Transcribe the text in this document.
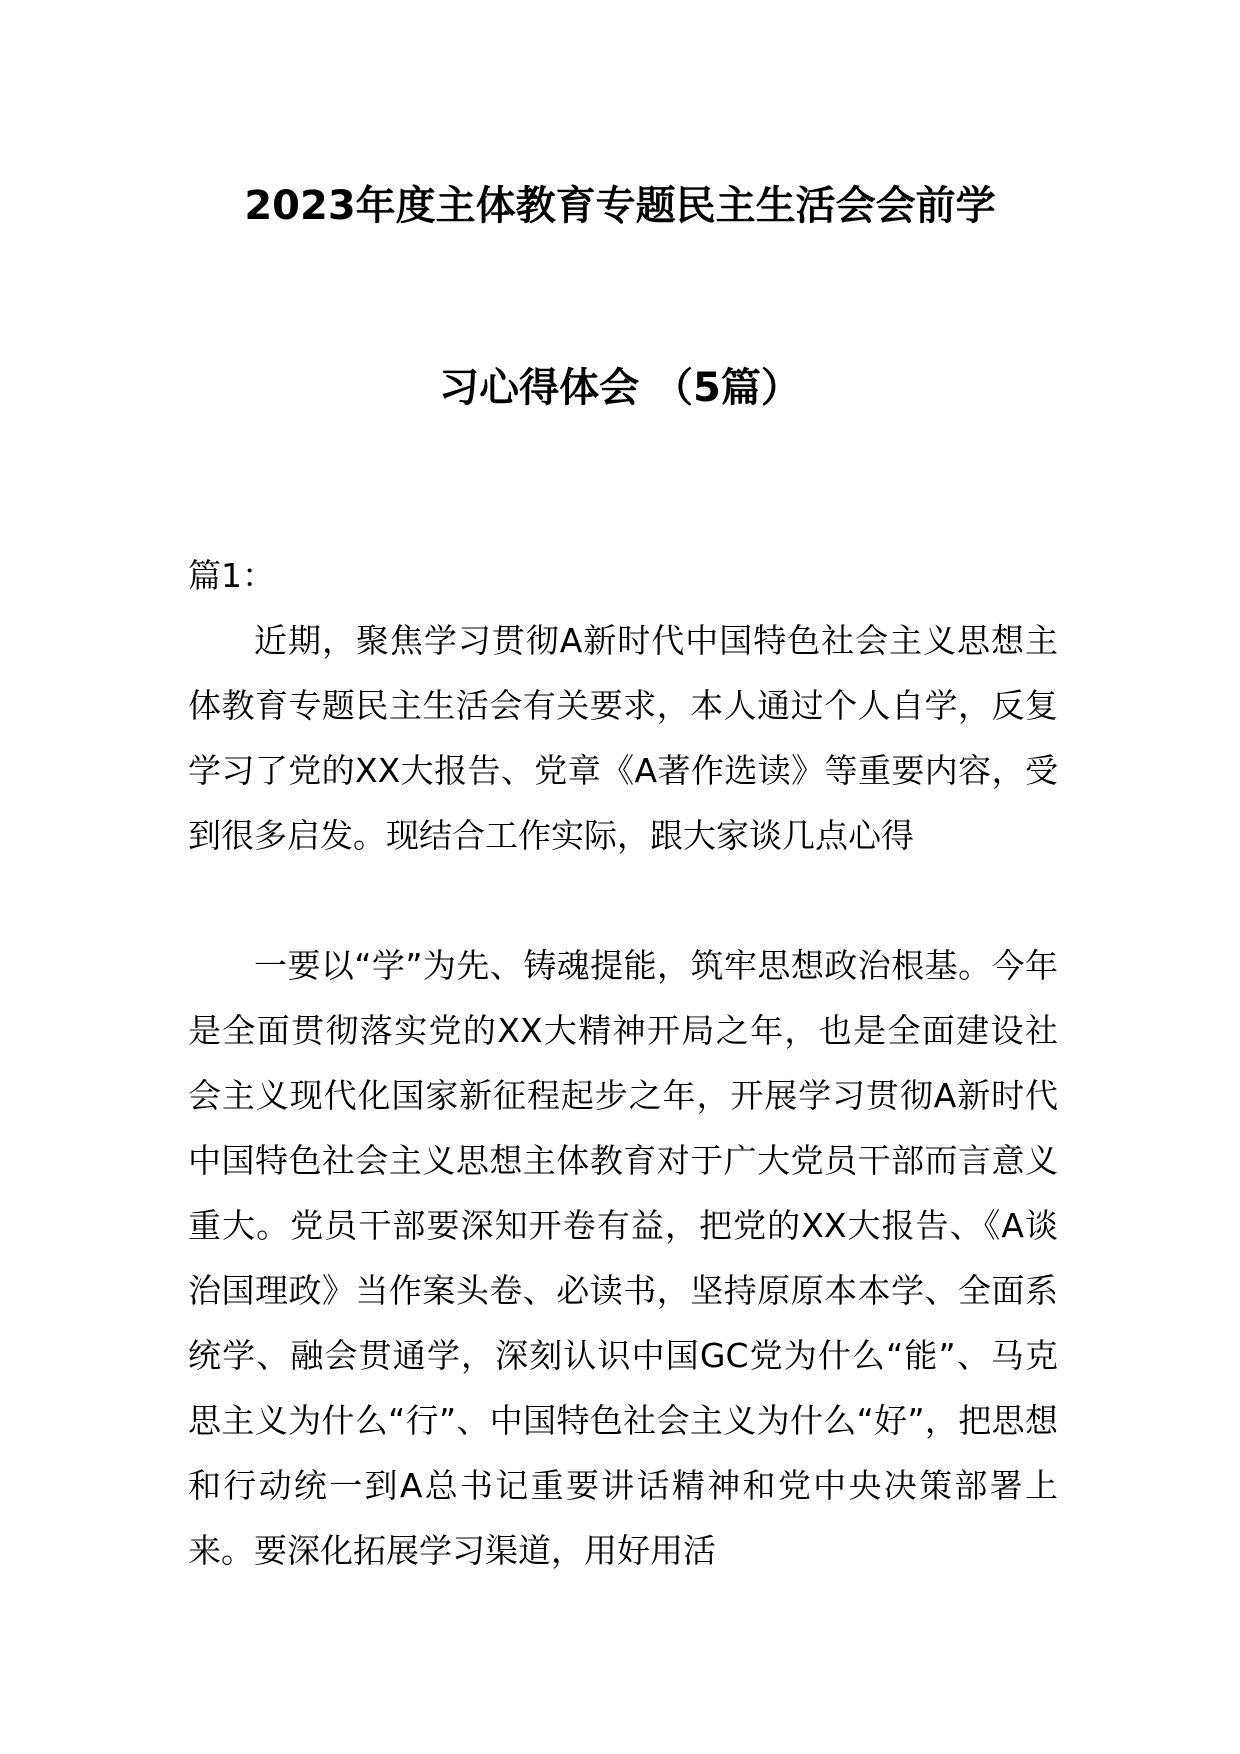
2023年度主体教育专题民主生活会会前学
习心得体会 （5篇）
篇1：
近期，聚焦学习贯彻A新时代中国特色社会主义思想主体教育专题民主生活会有关要求，本人通过个人自学，反复学习了党的XX大报告、党章《A著作选读》等重要内容，受到很多启发。现结合工作实际，跟大家谈几点心得
一要以“学”为先、铸魂提能，筑牢思想政治根基。今年是全面贯彻落实党的XX大精神开局之年，也是全面建设社会主义现代化国家新征程起步之年，开展学习贯彻A新时代中国特色社会主义思想主体教育对于广大党员干部而言意义重大。党员干部要深知开卷有益，把党的XX大报告、《A谈治国理政》当作案头卷、必读书，坚持原原本本学、全面系统学、融会贯通学，深刻认识中国GC党为什么“能”、马克思主义为什么“行”、中国特色社会主义为什么“好”，把思想和行动统一到A总书记重要讲话精神和党中央决策部署上来。要深化拓展学习渠道，用好用活
